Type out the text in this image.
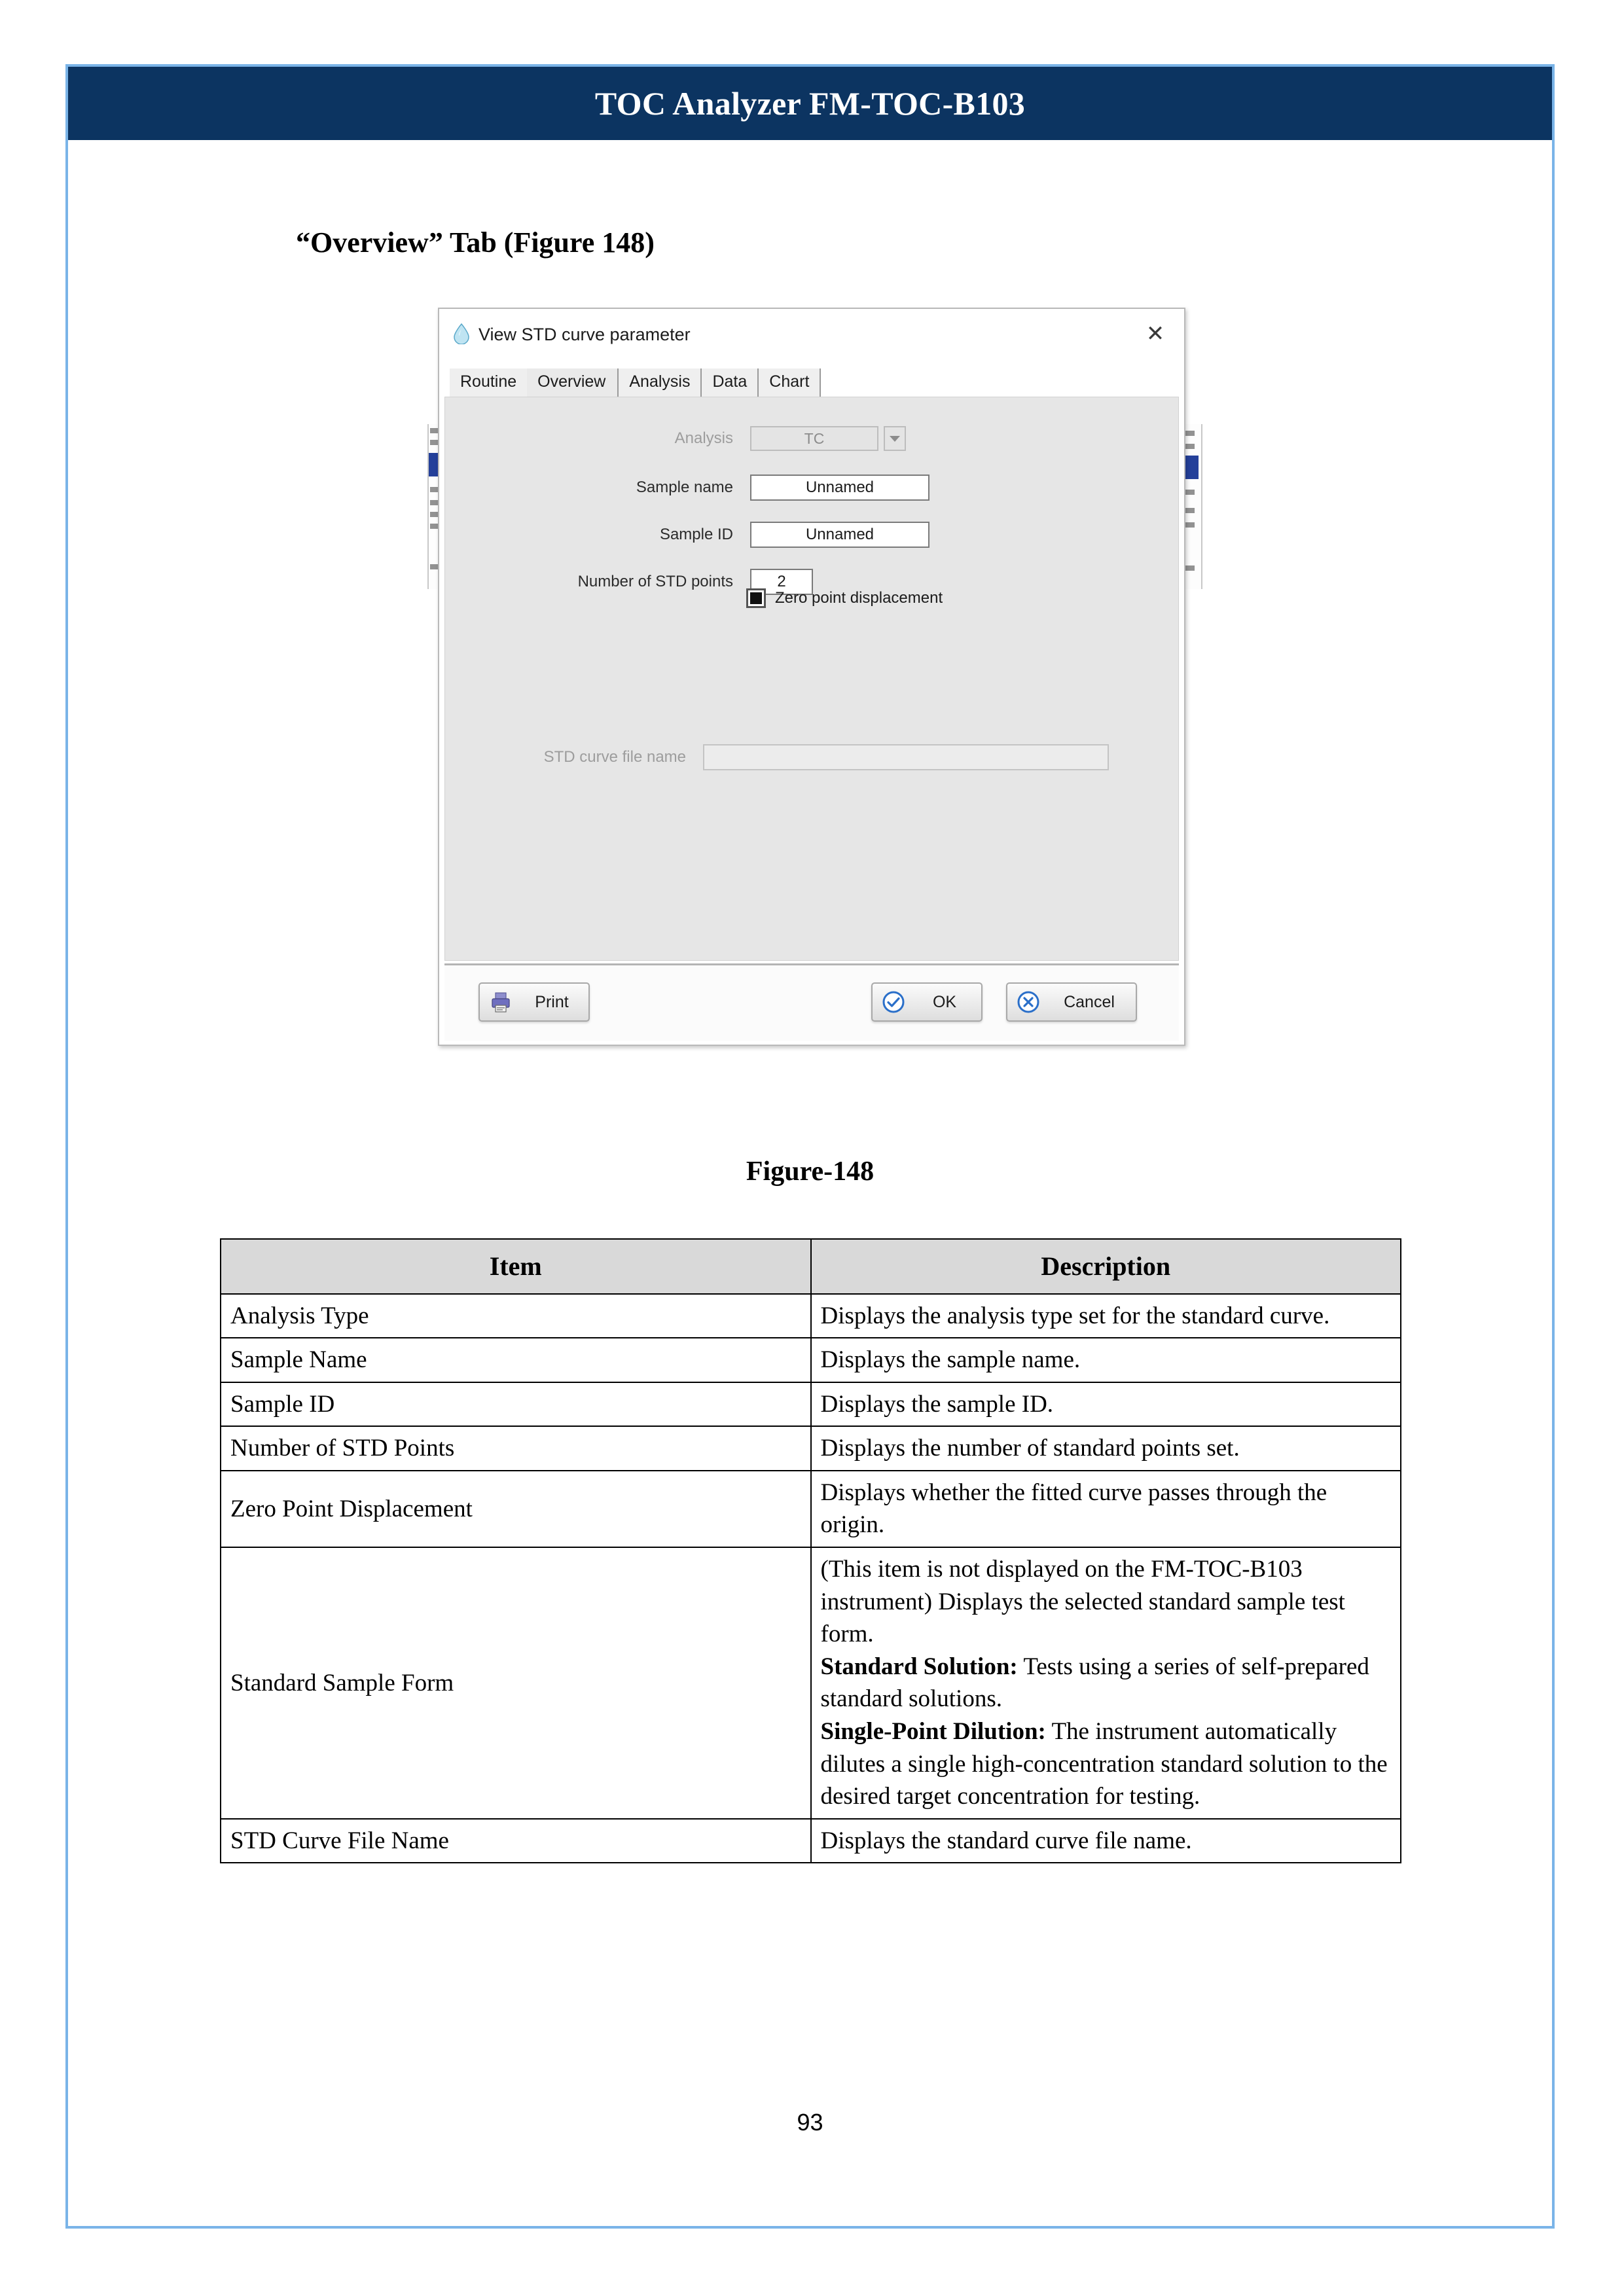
TOC Analyzer FM-TOC-B103
“Overview” Tab (Figure 148)
View STD curve parameter	✕
Routine	Overview	Analysis	Data	Chart
Analysis	TC
Sample name	Unnamed
Sample ID	Unnamed
Number of STD points	2
Zero point displacement
STD curve file name
Print	OK	Cancel
Figure-148
Item	Description
Analysis Type	Displays the analysis type set for the standard curve.
Sample Name	Displays the sample name.
Sample ID	Displays the sample ID.
Number of STD Points	Displays the number of standard points set.
Zero Point Displacement	Displays whether the fitted curve passes through the origin.
Standard Sample Form	(This item is not displayed on the FM-TOC-B103 instrument) Displays the selected standard sample test form.

Standard Solution: Tests using a series of self-prepared standard solutions.

Single-Point Dilution: The instrument automatically dilutes a single high-concentration standard solution to the desired target concentration for testing.

STD Curve File Name	Displays the standard curve file name.
93
